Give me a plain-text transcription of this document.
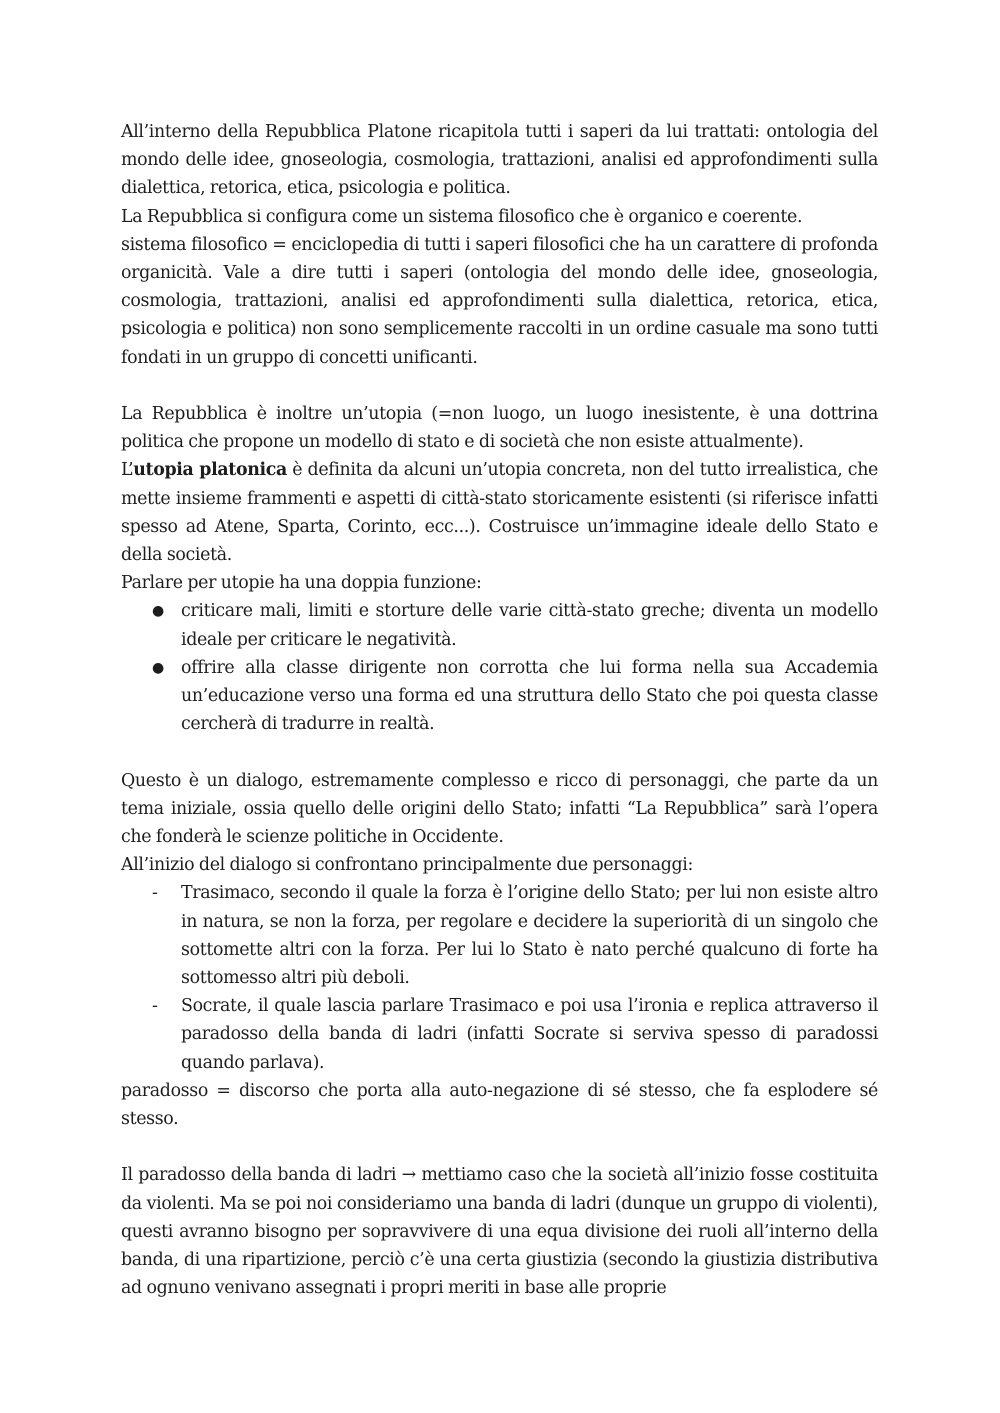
All’interno della Repubblica Platone ricapitola tutti i saperi da lui trattati: ontologia del mondo delle idee, gnoseologia, cosmologia, trattazioni, analisi ed approfondimenti sulla dialettica, retorica, etica, psicologia e politica.

La Repubblica si configura come un sistema filosofico che è organico e coerente.

sistema filosofico = enciclopedia di tutti i saperi filosofici che ha un carattere di profonda organicità. Vale a dire tutti i saperi (ontologia del mondo delle idee, gnoseologia, cosmologia, trattazioni, analisi ed approfondimenti sulla dialettica, retorica, etica, psicologia e politica) non sono semplicemente raccolti in un ordine casuale ma sono tutti fondati in un gruppo di concetti unificanti.

La Repubblica è inoltre un’utopia (=non luogo, un luogo inesistente, è una dottrina politica che propone un modello di stato e di società che non esiste attualmente).

L’utopia platonica è definita da alcuni un’utopia concreta, non del tutto irrealistica, che mette insieme frammenti e aspetti di città-stato storicamente esistenti (si riferisce infatti spesso ad Atene, Sparta, Corinto, ecc...). Costruisce un’immagine ideale dello Stato e della società.

Parlare per utopie ha una doppia funzione:

● criticare mali, limiti e storture delle varie città-stato greche; diventa un modello ideale per criticare le negatività.
● offrire alla classe dirigente non corrotta che lui forma nella sua Accademia un’educazione verso una forma ed una struttura dello Stato che poi questa classe cercherà di tradurre in realtà.

Questo è un dialogo, estremamente complesso e ricco di personaggi, che parte da un tema iniziale, ossia quello delle origini dello Stato; infatti “La Repubblica” sarà l’opera che fonderà le scienze politiche in Occidente.

All’inizio del dialogo si confrontano principalmente due personaggi:

- Trasimaco, secondo il quale la forza è l’origine dello Stato; per lui non esiste altro in natura, se non la forza, per regolare e decidere la superiorità di un singolo che sottomette altri con la forza. Per lui lo Stato è nato perché qualcuno di forte ha sottomesso altri più deboli.
- Socrate, il quale lascia parlare Trasimaco e poi usa l’ironia e replica attraverso il paradosso della banda di ladri (infatti Socrate si serviva spesso di paradossi quando parlava).

paradosso = discorso che porta alla auto-negazione di sé stesso, che fa esplodere sé stesso.

Il paradosso della banda di ladri → mettiamo caso che la società all’inizio fosse costituita da violenti. Ma se poi noi consideriamo una banda di ladri (dunque un gruppo di violenti), questi avranno bisogno per sopravvivere di una equa divisione dei ruoli all’interno della banda, di una ripartizione, perciò c’è una certa giustizia (secondo la giustizia distributiva ad ognuno venivano assegnati i propri meriti in base alle proprie
